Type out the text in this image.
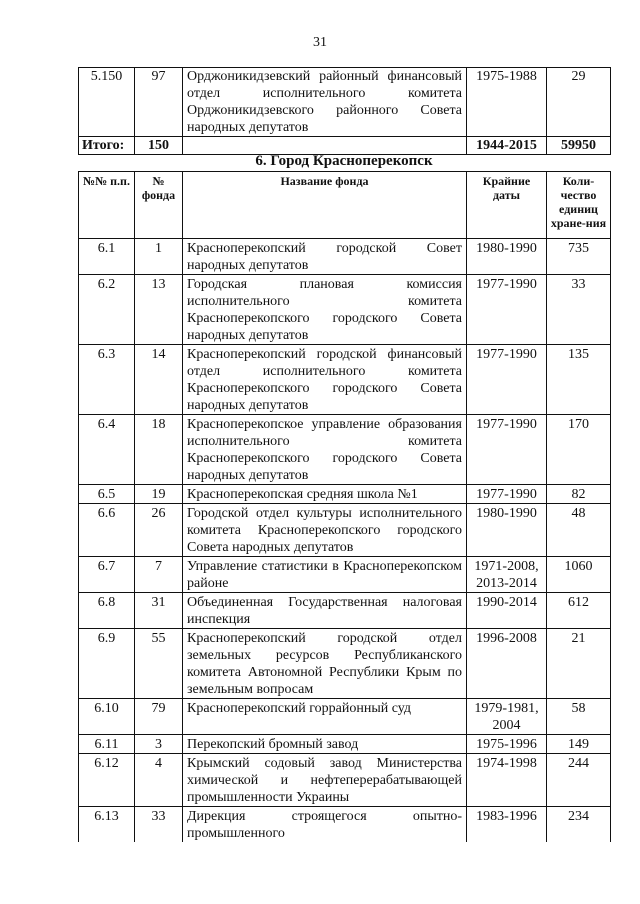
31
5.150	97	Орджоникидзевский районный финансовый отдел исполнительного комитета Орджоникидзевского районного Совета народных депутатов	1975-1988	29
Итого:	150		1944-2015	59950
6. Город Красноперекопск
№№ п.п.	№ фонда	Название фонда	Крайние даты	Коли-чество единиц хране-ния
6.1	1	Красноперекопский городской Совет народных депутатов	1980-1990	735
6.2	13	Городская плановая комиссия исполнительного комитета Красноперекопского городского Совета народных депутатов	1977-1990	33
6.3	14	Красноперекопский городской финансовый отдел исполнительного комитета Красноперекопского городского Совета народных депутатов	1977-1990	135
6.4	18	Красноперекопское управление образования исполнительного комитета Красноперекопского городского Совета народных депутатов	1977-1990	170
6.5	19	Красноперекопская средняя школа №1	1977-1990	82
6.6	26	Городской отдел культуры исполнительного комитета Красноперекопского городского Совета народных депутатов	1980-1990	48
6.7	7	Управление статистики в Красноперекопском районе	1971-2008, 2013-2014	1060
6.8	31	Объединенная Государственная налоговая инспекция	1990-2014	612
6.9	55	Красноперекопский городской отдел земельных ресурсов Республиканского комитета Автономной Республики Крым по земельным вопросам	1996-2008	21
6.10	79	Красноперекопский горрайонный суд	1979-1981, 2004	58
6.11	3	Перекопский бромный завод	1975-1996	149
6.12	4	Крымский содовый завод Министерства химической и нефтеперерабатывающей промышленности Украины	1974-1998	244
6.13	33	Дирекция строящегося опытно-промышленного	1983-1996	234
